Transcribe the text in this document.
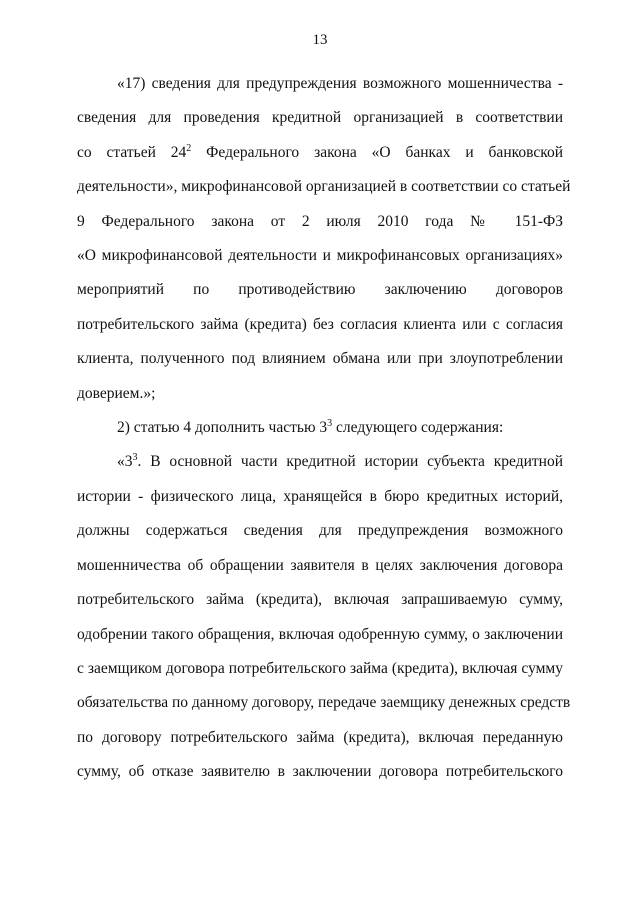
13
«17) сведения для предупреждения возможного мошенничества -
сведения для проведения кредитной организацией в соответствии
со статьей $24^2$ Федерального закона «О банках и банковской
деятельности», микрофинансовой организацией в соответствии со статьей
9 Федерального закона от 2 июля 2010 года № 151-ФЗ
«О микрофинансовой деятельности и микрофинансовых организациях»
мероприятий по противодействию заключению договоров
потребительского займа (кредита) без согласия клиента или с согласия
клиента, полученного под влиянием обмана или при злоупотреблении
доверием.»;
2) статью 4 дополнить частью $3^3$ следующего содержания:
«$3^3$. В основной части кредитной истории субъекта кредитной
истории - физического лица, хранящейся в бюро кредитных историй,
должны содержаться сведения для предупреждения возможного
мошенничества об обращении заявителя в целях заключения договора
потребительского займа (кредита), включая запрашиваемую сумму,
одобрении такого обращения, включая одобренную сумму, о заключении
с заемщиком договора потребительского займа (кредита), включая сумму
обязательства по данному договору, передаче заемщику денежных средств
по договору потребительского займа (кредита), включая переданную
сумму, об отказе заявителю в заключении договора потребительского
